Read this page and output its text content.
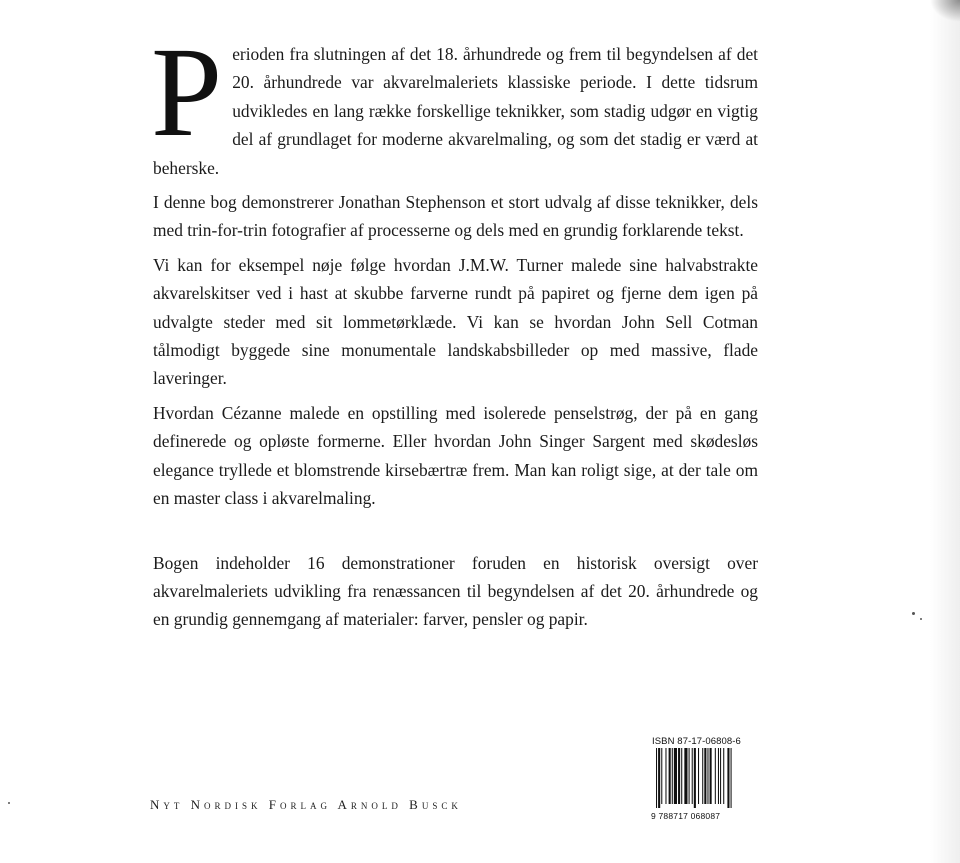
Perioden fra slutningen af det 18. århundrede og frem til begyndelsen af det 20. århundrede var akvarelmaleriets klassiske periode. I dette tidsrum udvikledes en lang række forskellige teknikker, som stadig udgør en vigtig del af grundlaget for moderne akvarelmaling, og som det stadig er værd at beherske.

I denne bog demonstrerer Jonathan Stephenson et stort udvalg af disse teknikker, dels med trin-for-trin fotografier af processerne og dels med en grundig forklarende tekst.

Vi kan for eksempel nøje følge hvordan J.M.W. Turner malede sine halvabstrakte akvarelskitser ved i hast at skubbe farverne rundt på papiret og fjerne dem igen på udvalgte steder med sit lommetørklæde. Vi kan se hvordan John Sell Cotman tålmodigt byggede sine monumentale landskabsbilleder op med massive, flade laveringer.

Hvordan Cézanne malede en opstilling med isolerede penselstrøg, der på en gang definerede og opløste formerne. Eller hvordan John Singer Sargent med skødesløs elegance tryllede et blomstrende kirsebærtræ frem. Man kan roligt sige, at der tale om en master class i akvarelmaling.

Bogen indeholder 16 demonstrationer foruden en historisk oversigt over akvarelmaleriets udvikling fra renæssancen til begyndelsen af det 20. århundrede og en grundig gennemgang af materialer: farver, pensler og papir.

ISBN 87-17-06808-6
9 788717 068087
Nyt Nordisk Forlag Arnold Busck
